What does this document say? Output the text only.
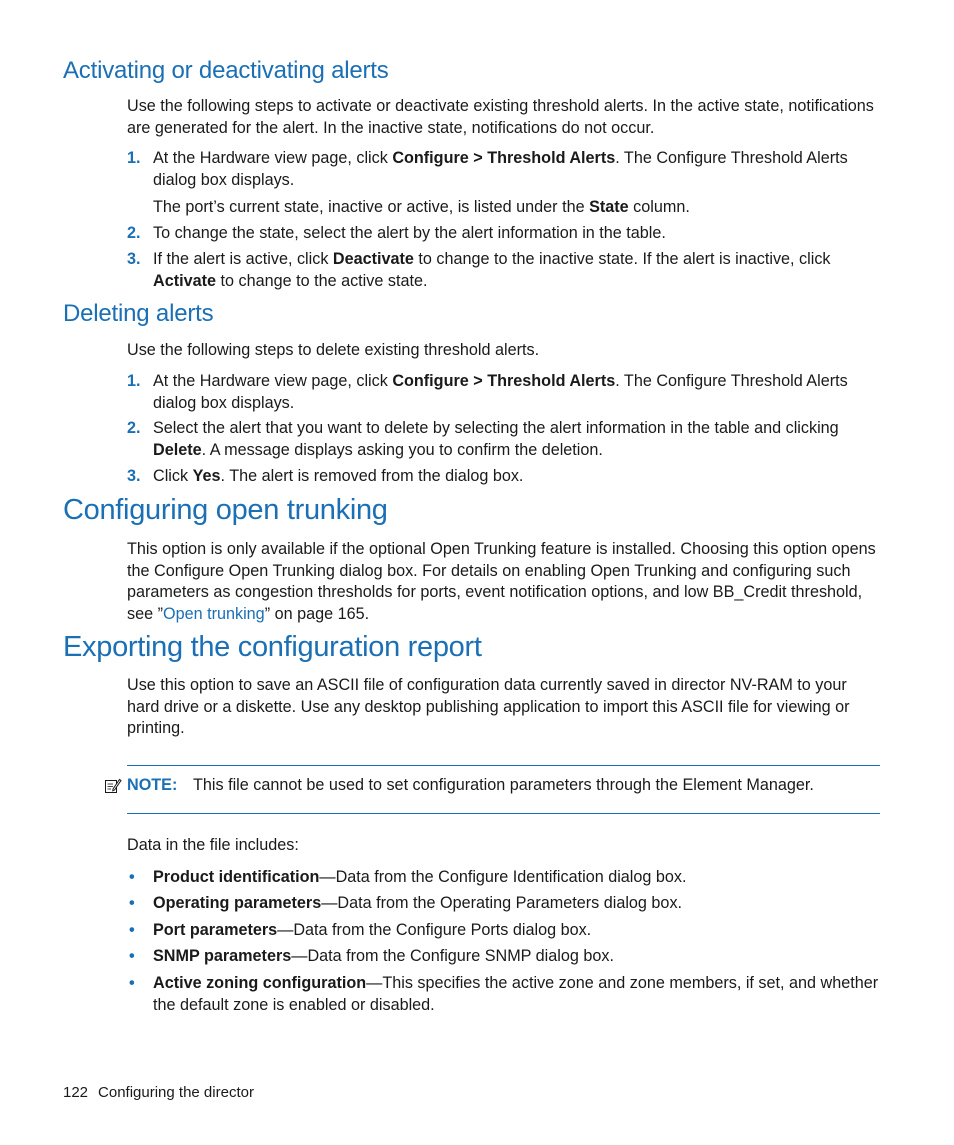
Activating or deactivating alerts

Use the following steps to activate or deactivate existing threshold alerts. In the active state, notifications are generated for the alert. In the inactive state, notifications do not occur.

1. At the Hardware view page, click Configure > Threshold Alerts. The Configure Threshold Alerts dialog box displays.
The port’s current state, inactive or active, is listed under the State column.
2. To change the state, select the alert by the alert information in the table.
3. If the alert is active, click Deactivate to change to the inactive state. If the alert is inactive, click Activate to change to the active state.
Deleting alerts

Use the following steps to delete existing threshold alerts.

1. At the Hardware view page, click Configure > Threshold Alerts. The Configure Threshold Alerts dialog box displays.
2. Select the alert that you want to delete by selecting the alert information in the table and clicking Delete. A message displays asking you to confirm the deletion.
3. Click Yes. The alert is removed from the dialog box.
Configuring open trunking

This option is only available if the optional Open Trunking feature is installed. Choosing this option opens the Configure Open Trunking dialog box. For details on enabling Open Trunking and configuring such parameters as congestion thresholds for ports, event notification options, and low BB_Credit threshold, see ”Open trunking” on page 165.

Exporting the configuration report

Use this option to save an ASCII file of configuration data currently saved in director NV-RAM to your hard drive or a diskette. Use any desktop publishing application to import this ASCII file for viewing or printing.

NOTE: This file cannot be used to set configuration parameters through the Element Manager.

Data in the file includes:

• Product identification—Data from the Configure Identification dialog box.
• Operating parameters—Data from the Operating Parameters dialog box.
• Port parameters—Data from the Configure Ports dialog box.
• SNMP parameters—Data from the Configure SNMP dialog box.
• Active zoning configuration—This specifies the active zone and zone members, if set, and whether the default zone is enabled or disabled.
122 Configuring the director
